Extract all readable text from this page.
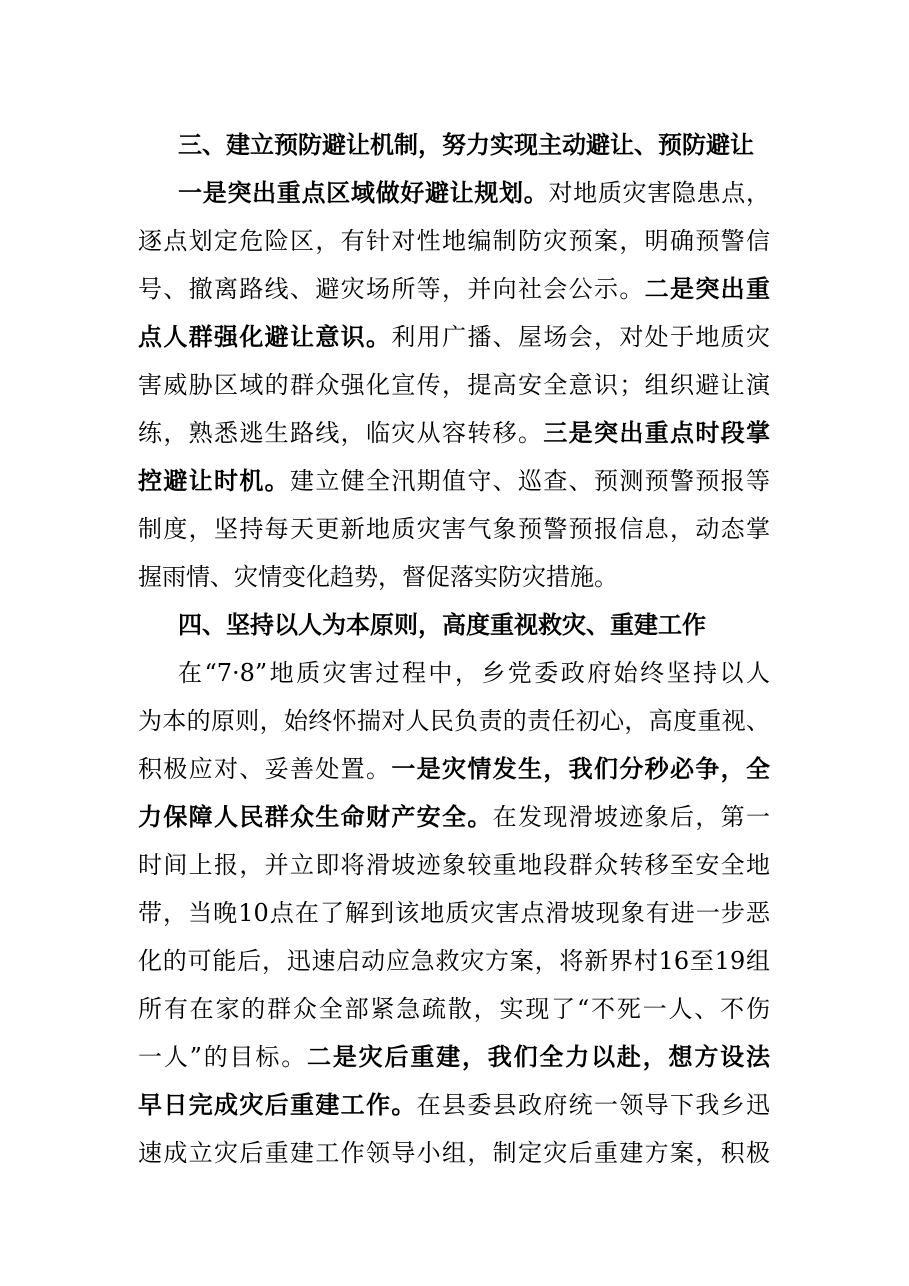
三、建立预防避让机制，努力实现主动避让、预防避让
一是突出重点区域做好避让规划。对地质灾害隐患点，
逐点划定危险区，有针对性地编制防灾预案，明确预警信
号、撤离路线、避灾场所等，并向社会公示。二是突出重
点人群强化避让意识。利用广播、屋场会，对处于地质灾
害威胁区域的群众强化宣传，提高安全意识；组织避让演
练，熟悉逃生路线，临灾从容转移。三是突出重点时段掌
控避让时机。建立健全汛期值守、巡查、预测预警预报等
制度，坚持每天更新地质灾害气象预警预报信息，动态掌
握雨情、灾情变化趋势，督促落实防灾措施。
四、坚持以人为本原则，高度重视救灾、重建工作
在“7·8”地质灾害过程中，乡党委政府始终坚持以人
为本的原则，始终怀揣对人民负责的责任初心，高度重视、
积极应对、妥善处置。一是灾情发生，我们分秒必争，全
力保障人民群众生命财产安全。在发现滑坡迹象后，第一
时间上报，并立即将滑坡迹象较重地段群众转移至安全地
带，当晚10点在了解到该地质灾害点滑坡现象有进一步恶
化的可能后，迅速启动应急救灾方案，将新界村16至19组
所有在家的群众全部紧急疏散，实现了“不死一人、不伤
一人”的目标。二是灾后重建，我们全力以赴，想方设法
早日完成灾后重建工作。在县委县政府统一领导下我乡迅
速成立灾后重建工作领导小组，制定灾后重建方案，积极
